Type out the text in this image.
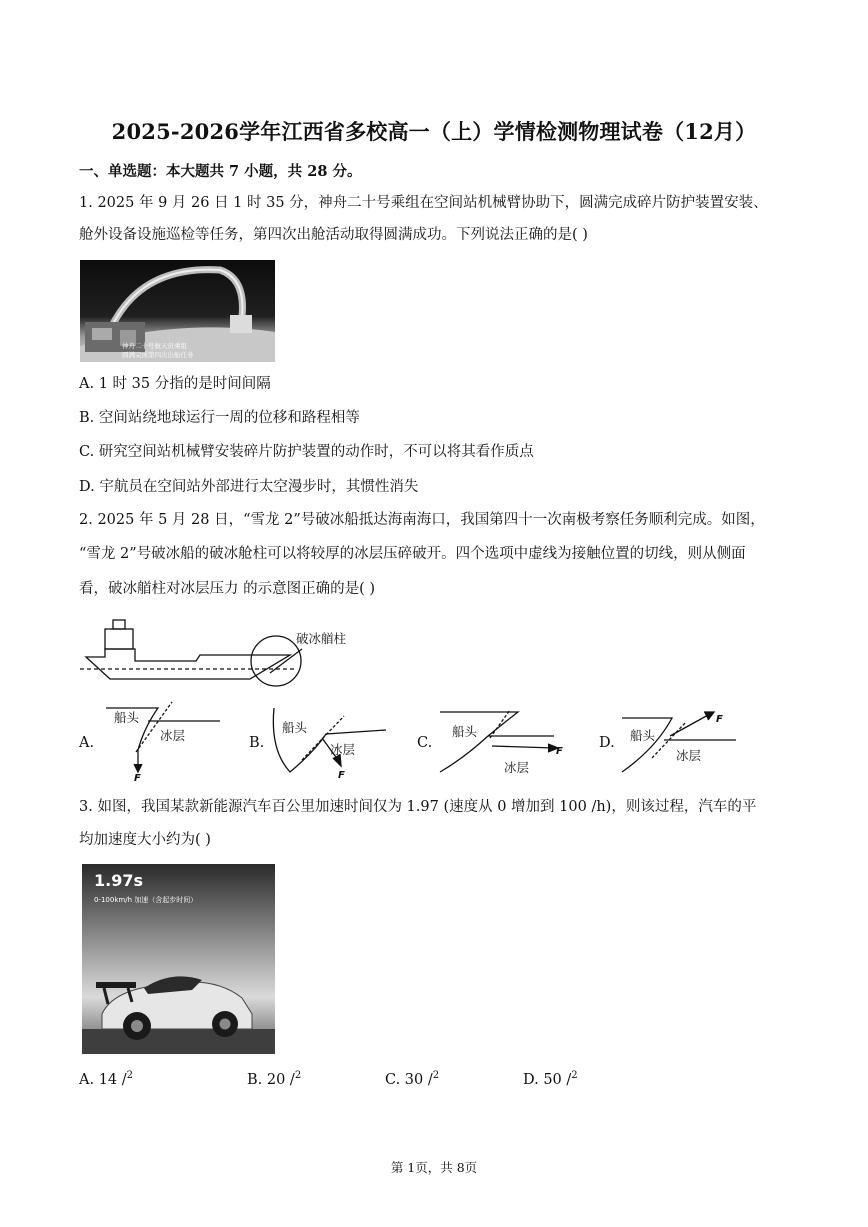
2025-2026学年江西省多校高一（上）学情检测物理试卷（12月）
一、单选题：本大题共 7 小题，共 28 分。
1. 2025 年 9 月 26 日 1 时 35 分，神舟二十号乘组在空间站机械臂协助下，圆满完成碎片防护装置安装、
舱外设备设施巡检等任务，第四次出舱活动取得圆满成功。下列说法正确的是( )
神舟二十号航天员乘组
圆满完成第四次出舱任务
A. 1 时 35 分指的是时间间隔
B. 空间站绕地球运行一周的位移和路程相等
C. 研究空间站机械臂安装碎片防护装置的动作时，不可以将其看作质点
D. 宇航员在空间站外部进行太空漫步时，其惯性消失
2. 2025 年 5 月 28 日，“雪龙 2”号破冰船抵达海南海口，我国第四十一次南极考察任务顺利完成。如图，
“雪龙 2”号破冰船的破冰舱柱可以将较厚的冰层压碎破开。四个选项中虚线为接触位置的切线，则从侧面
看，破冰艏柱对冰层压力 的示意图正确的是( )
破冰艏柱
A.
船头
冰层
F
B.
船头
冰层
F
C.
船头
冰层
F
D. 船头
冰层
F
3. 如图，我国某款新能源汽车百公里加速时间仅为 1.97 (速度从 0 增加到 100 /h)，则该过程，汽车的平
均加速度大小约为( )
1.97s
0-100km/h 加速（含起步时间）
A. 14 /$^2$	B. 20 /$^2$	C. 30 /$^2$	D. 50 /$^2$
第 1页，共 8页
